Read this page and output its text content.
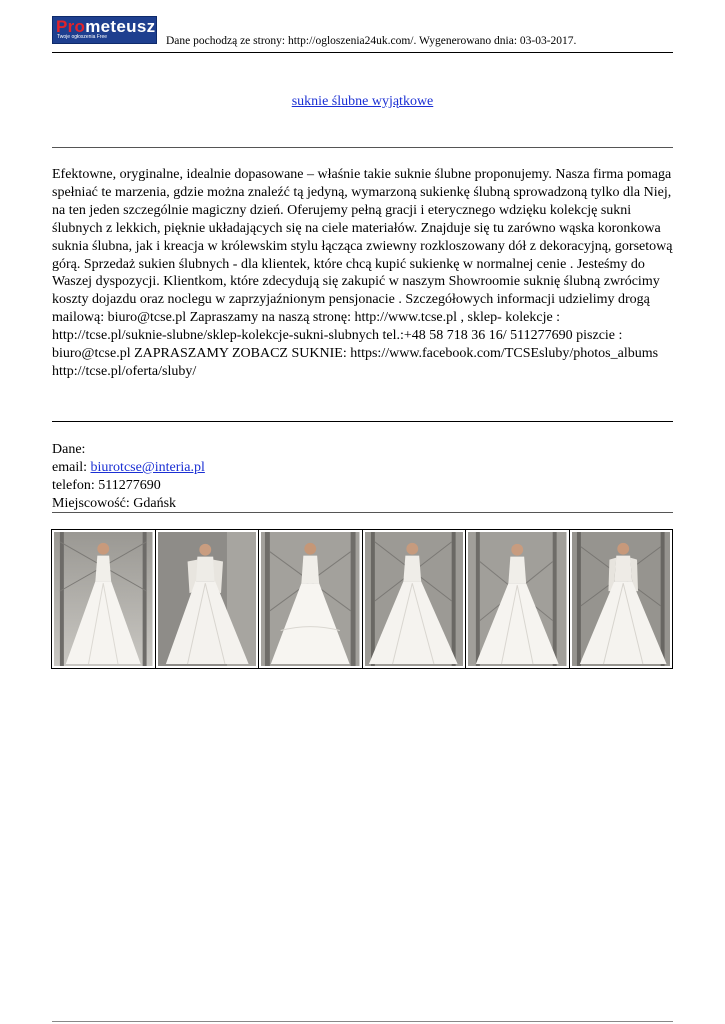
Prometeusz
Twoje ogłoszenia Free	Dane pochodzą ze strony: http://ogloszenia24uk.com/. Wygenerowano dnia: 03-03-2017.
suknie ślubne wyjątkowe

Efektowne, oryginalne, idealnie dopasowane – właśnie takie suknie ślubne proponujemy. Nasza firma pomaga spełniać te marzenia, gdzie można znaleźć tą jedyną, wymarzoną sukienkę ślubną sprowadzoną tylko dla Niej, na ten jeden szczególnie magiczny dzień. Oferujemy pełną gracji i eterycznego wdzięku kolekcję sukni ślubnych z lekkich, pięknie układających się na ciele materiałów. Znajduje się tu zarówno wąska koronkowa suknia ślubna, jak i kreacja w królewskim stylu łącząca zwiewny rozkloszowany dół z dekoracyjną, gorsetową górą. Sprzedaż sukien ślubnych - dla klientek, które chcą kupić sukienkę w normalnej cenie . Jesteśmy do Waszej dyspozycji. Klientkom, które zdecydują się zakupić w naszym Showroomie suknię ślubną zwrócimy koszty dojazdu oraz noclegu w zaprzyjaźnionym pensjonacie . Szczegółowych informacji udzielimy drogą mailową: biuro@tcse.pl Zapraszamy na naszą stronę: http://www.tcse.pl , sklep- kolekcje : http://tcse.pl/suknie-slubne/sklep-kolekcje-sukni-slubnych tel.:+48 58 718 36 16/ 511277690 piszcie : biuro@tcse.pl ZAPRASZAMY ZOBACZ SUKNIE: https://www.facebook.com/TCSEsluby/photos_albums http://tcse.pl/oferta/sluby/

Dane:
email: biurotcse@interia.pl
telefon: 511277690
Miejscowość: Gdańsk
